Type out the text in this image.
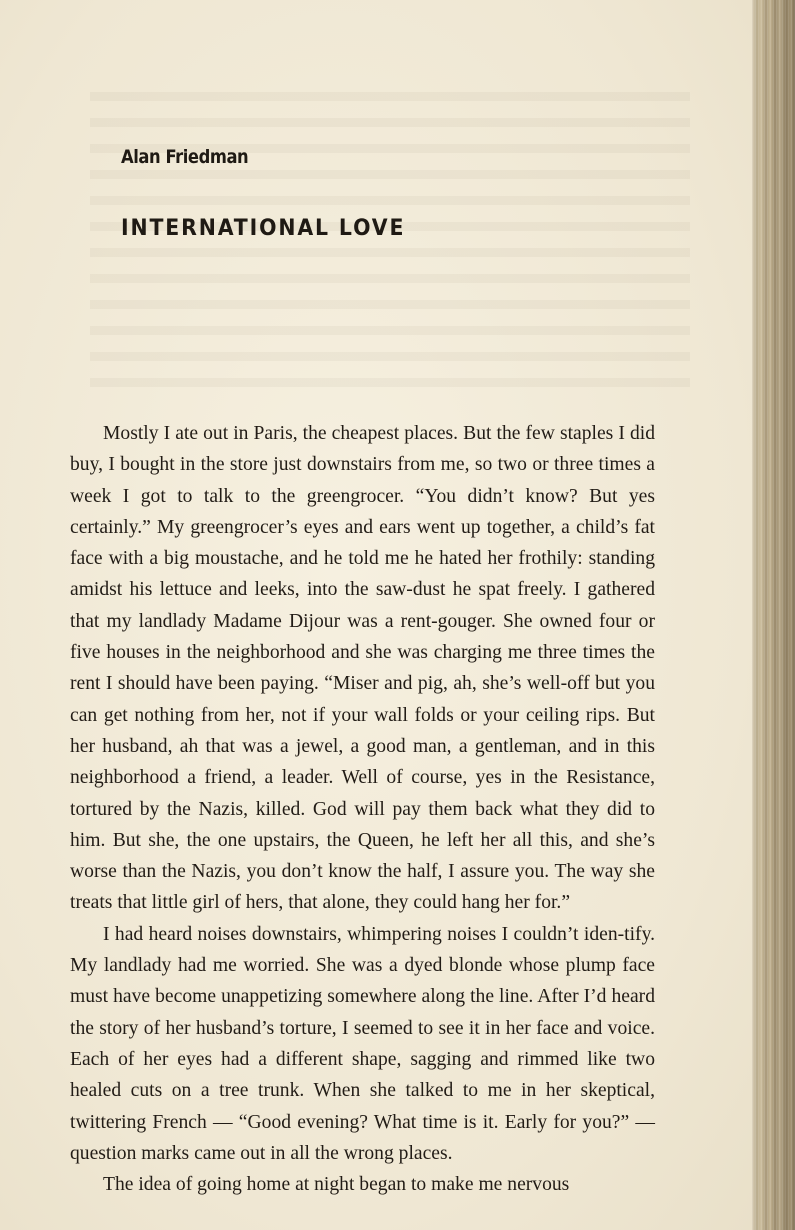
Alan Friedman
INTERNATIONAL LOVE

Mostly I ate out in Paris, the cheapest places. But the few staples I did buy, I bought in the store just downstairs from me, so two or three times a week I got to talk to the greengrocer. “You didn’t know? But yes certainly.” My greengrocer’s eyes and ears went up together, a child’s fat face with a big moustache, and he told me he hated her frothily: standing amidst his lettuce and leeks, into the saw-dust he spat freely. I gathered that my landlady Madame Dijour was a rent-gouger. She owned four or five houses in the neighborhood and she was charging me three times the rent I should have been paying. “Miser and pig, ah, she’s well-off but you can get nothing from her, not if your wall folds or your ceiling rips. But her husband, ah that was a jewel, a good man, a gentleman, and in this neighborhood a friend, a leader. Well of course, yes in the Resistance, tortured by the Nazis, killed. God will pay them back what they did to him. But she, the one upstairs, the Queen, he left her all this, and she’s worse than the Nazis, you don’t know the half, I assure you. The way she treats that little girl of hers, that alone, they could hang her for.”

I had heard noises downstairs, whimpering noises I couldn’t iden-tify. My landlady had me worried. She was a dyed blonde whose plump face must have become unappetizing somewhere along the line. After I’d heard the story of her husband’s torture, I seemed to see it in her face and voice. Each of her eyes had a different shape, sagging and rimmed like two healed cuts on a tree trunk. When she talked to me in her skeptical, twittering French — “Good evening? What time is it. Early for you?” — question marks came out in all the wrong places.

The idea of going home at night began to make me nervous
